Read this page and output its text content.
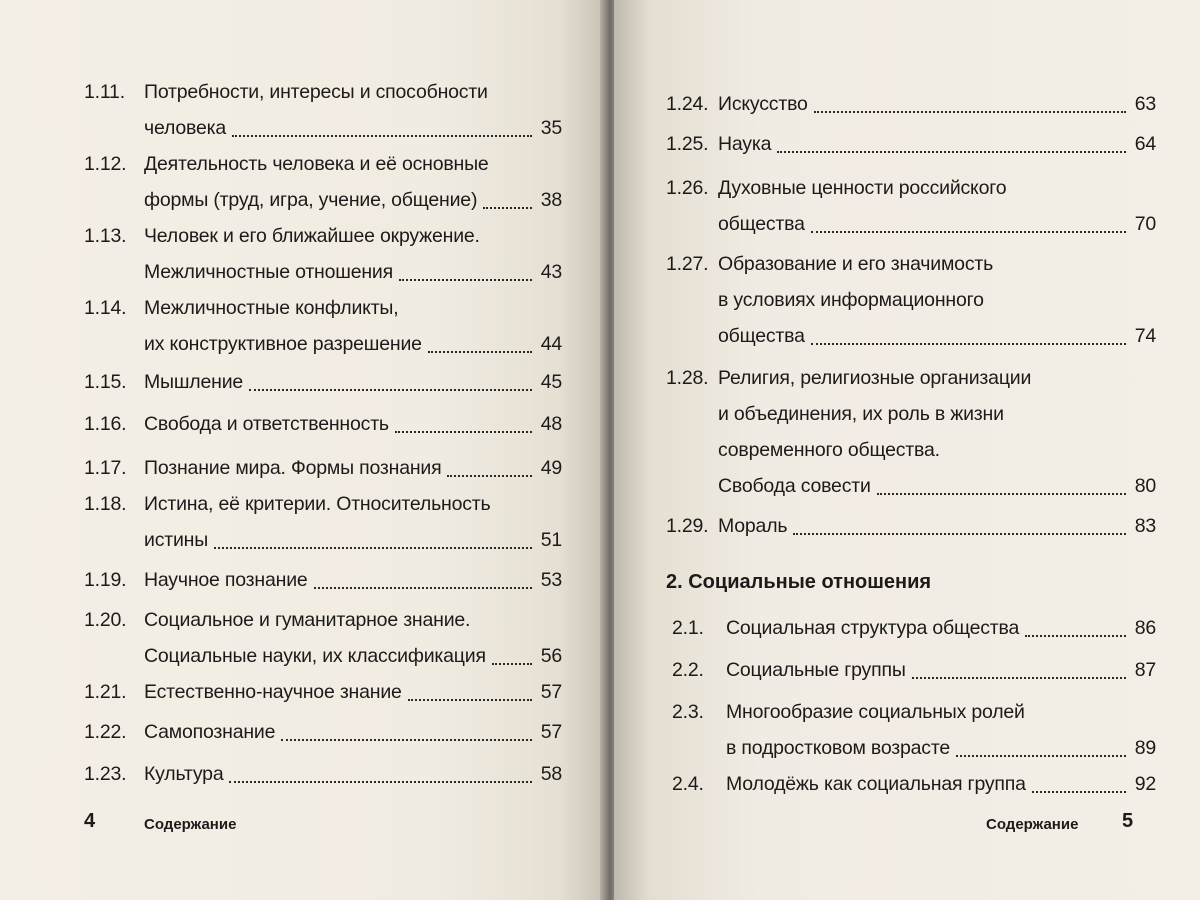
1.11. Потребности, интересы и способности
человека	35
1.12. Деятельность человека и её основные
формы (труд, игра, учение, общение)	38
1.13. Человек и его ближайшее окружение.
Межличностные отношения	43
1.14. Межличностные конфликты,
их конструктивное разрешение	44
1.15. Мышление	45
1.16. Свобода и ответственность	48
1.17. Познание мира. Формы познания	49
1.18. Истина, её критерии. Относительность
истины	51
1.19. Научное познание	53
1.20. Социальное и гуманитарное знание.
Социальные науки, их классификация	56
1.21. Естественно-научное знание	57
1.22. Самопознание	57
1.23. Культура	58
4	Содержание
1.24. Искусство	63
1.25. Наука	64
1.26. Духовные ценности российского
общества	70
1.27. Образование и его значимость
в условиях информационного
общества	74
1.28. Религия, религиозные организации
и объединения, их роль в жизни
современного общества.
Свобода совести	80
1.29. Мораль	83
2. Социальные отношения
2.1.	Социальная структура общества	86
2.2.	Социальные группы	87
2.3.	Многообразие социальных ролей
в подростковом возрасте	89
2.4.	Молодёжь как социальная группа	92
Содержание 5
